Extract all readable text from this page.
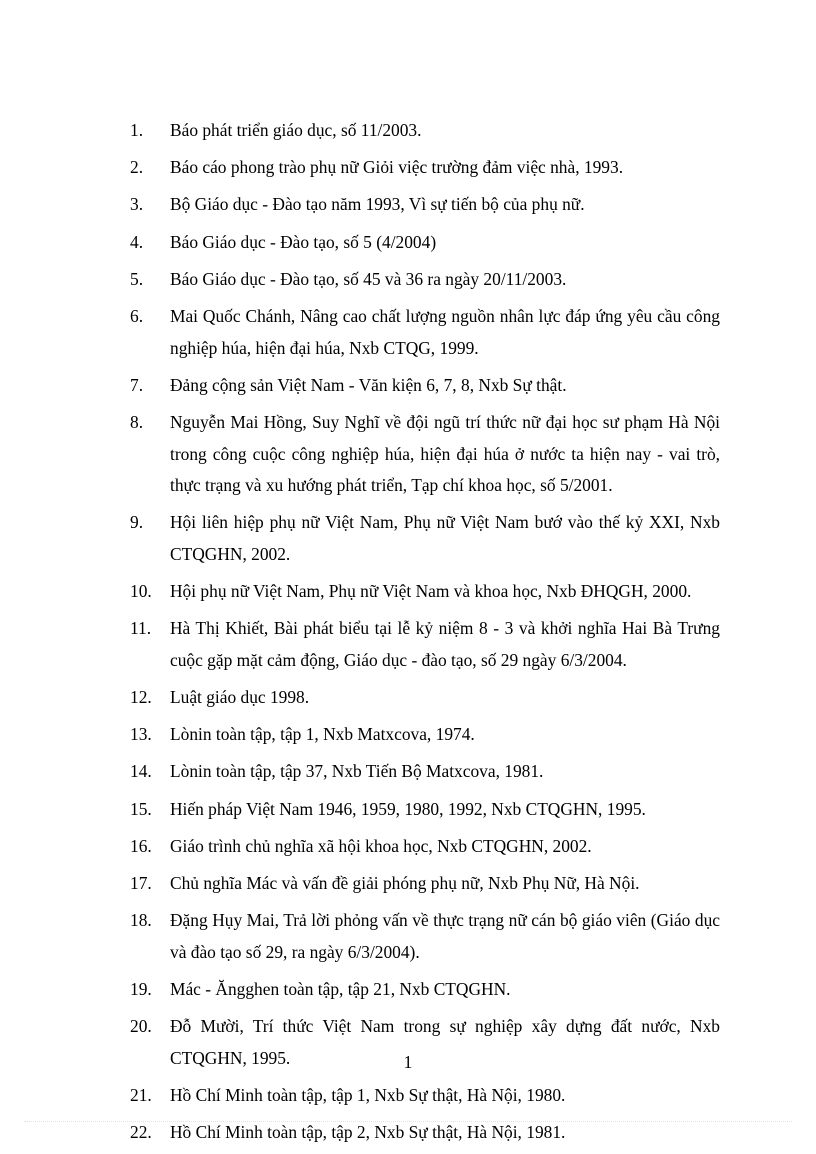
1.	Báo phát triển giáo dục, số 11/2003.
2.	Báo cáo phong trào phụ nữ Giỏi việc trường đảm việc nhà, 1993.
3.	Bộ Giáo dục - Đào tạo năm 1993, Vì sự tiến bộ của phụ nữ.
4.	Báo Giáo dục - Đào tạo, số 5 (4/2004)
5.	Báo Giáo dục - Đào tạo, số 45 và 36 ra ngày 20/11/2003.
6.	Mai Quốc Chánh, Nâng cao chất lượng nguồn nhân lực đáp ứng yêu cầu công nghiệp húa, hiện đại húa, Nxb CTQG, 1999.
7.	Đảng cộng sản Việt Nam - Văn kiện 6, 7, 8, Nxb Sự thật.
8.	Nguyễn Mai Hồng, Suy Nghĩ về đội ngũ trí thức nữ đại học sư phạm Hà Nội trong công cuộc công nghiệp húa, hiện đại húa ở nước ta hiện nay - vai trò, thực trạng và xu hướng phát triển, Tạp chí khoa học, số 5/2001.
9.	Hội liên hiệp phụ nữ Việt Nam, Phụ nữ Việt Nam bướ vào thế kỷ XXI, Nxb CTQGHN, 2002.
10.	Hội phụ nữ Việt Nam, Phụ nữ Việt Nam và khoa học, Nxb ĐHQGH, 2000.
11.	Hà Thị Khiết, Bài phát biểu tại lễ kỷ niệm 8 - 3 và khởi nghĩa Hai Bà Trưng cuộc gặp mặt cảm động, Giáo dục - đào tạo, số 29 ngày 6/3/2004.
12.	Luật giáo dục 1998.
13.	Lònin toàn tập, tập 1, Nxb Matxcova, 1974.
14.	Lònin toàn tập, tập 37, Nxb Tiến Bộ Matxcova, 1981.
15.	Hiến pháp Việt Nam 1946, 1959, 1980, 1992, Nxb CTQGHN, 1995.
16.	Giáo trình chủ nghĩa xã hội khoa học, Nxb CTQGHN, 2002.
17.	Chủ nghĩa Mác và vấn đề giải phóng phụ nữ, Nxb Phụ Nữ, Hà Nội.
18.	Đặng Hụy Mai, Trả lời phỏng vấn về thực trạng nữ cán bộ giáo viên (Giáo dục và đào tạo số 29, ra ngày 6/3/2004).
19.	Mác - Ăngghen toàn tập, tập 21, Nxb CTQGHN.
20.	Đỗ Mười, Trí thức Việt Nam trong sự nghiệp xây dựng đất nước, Nxb CTQGHN, 1995.
21.	Hồ Chí Minh toàn tập, tập 1, Nxb Sự thật, Hà Nội, 1980.
22.	Hồ Chí Minh toàn tập, tập 2, Nxb Sự thật, Hà Nội, 1981.
1
